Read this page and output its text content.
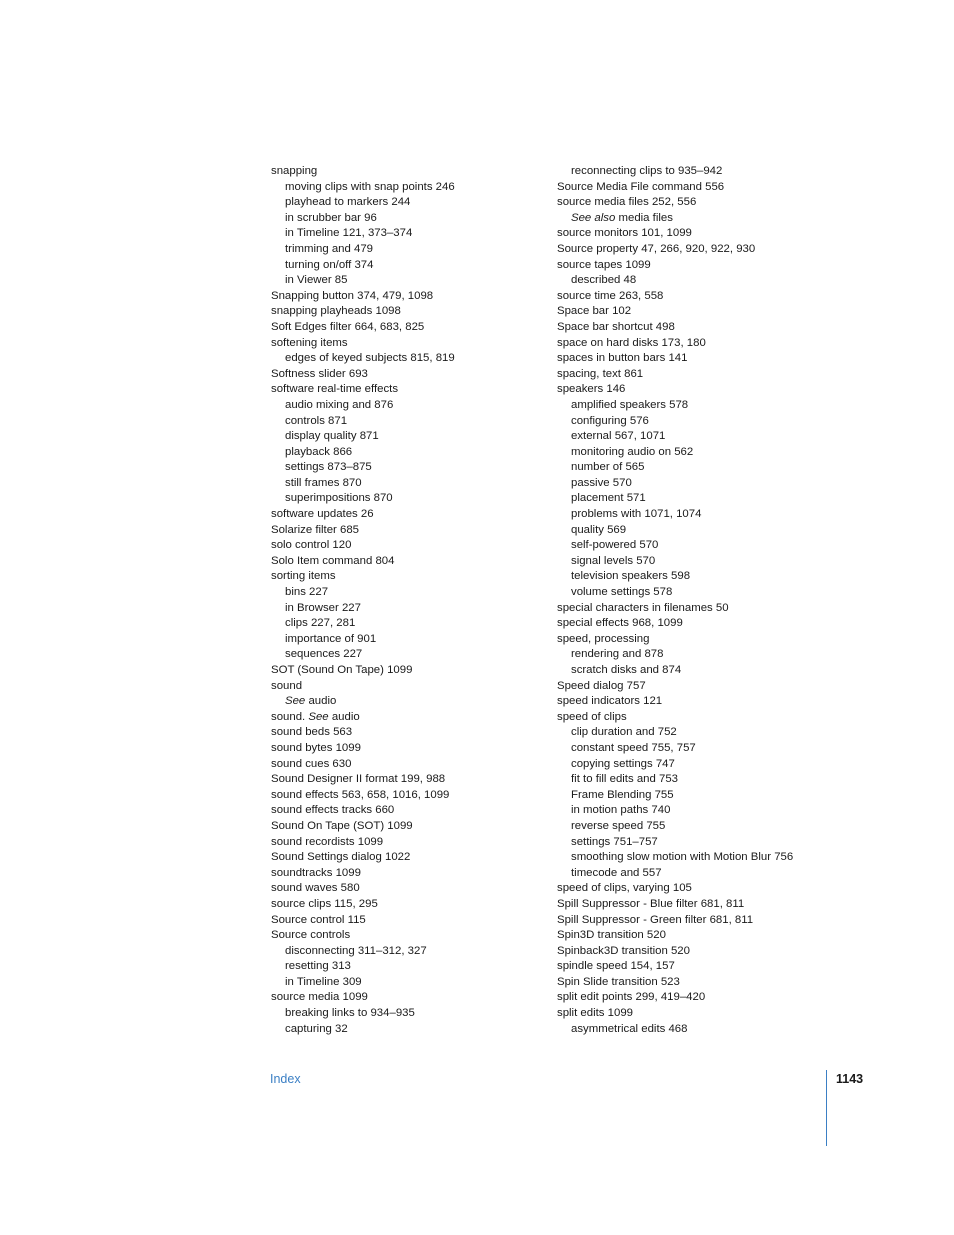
snapping
moving clips with snap points 246
playhead to markers 244
in scrubber bar 96
in Timeline 121, 373–374
trimming and 479
turning on/off 374
in Viewer 85
Snapping button 374, 479, 1098
snapping playheads 1098
Soft Edges filter 664, 683, 825
softening items
edges of keyed subjects 815, 819
Softness slider 693
software real-time effects
audio mixing and 876
controls 871
display quality 871
playback 866
settings 873–875
still frames 870
superimpositions 870
software updates 26
Solarize filter 685
solo control 120
Solo Item command 804
sorting items
bins 227
in Browser 227
clips 227, 281
importance of 901
sequences 227
SOT (Sound On Tape) 1099
sound
See audio
sound. See audio
sound beds 563
sound bytes 1099
sound cues 630
Sound Designer II format 199, 988
sound effects 563, 658, 1016, 1099
sound effects tracks 660
Sound On Tape (SOT) 1099
sound recordists 1099
Sound Settings dialog 1022
soundtracks 1099
sound waves 580
source clips 115, 295
Source control 115
Source controls
disconnecting 311–312, 327
resetting 313
in Timeline 309
source media 1099
breaking links to 934–935
capturing 32
reconnecting clips to 935–942
Source Media File command 556
source media files 252, 556
See also media files
source monitors 101, 1099
Source property 47, 266, 920, 922, 930
source tapes 1099
described 48
source time 263, 558
Space bar 102
Space bar shortcut 498
space on hard disks 173, 180
spaces in button bars 141
spacing, text 861
speakers 146
amplified speakers 578
configuring 576
external 567, 1071
monitoring audio on 562
number of 565
passive 570
placement 571
problems with 1071, 1074
quality 569
self-powered 570
signal levels 570
television speakers 598
volume settings 578
special characters in filenames 50
special effects 968, 1099
speed, processing
rendering and 878
scratch disks and 874
Speed dialog 757
speed indicators 121
speed of clips
clip duration and 752
constant speed 755, 757
copying settings 747
fit to fill edits and 753
Frame Blending 755
in motion paths 740
reverse speed 755
settings 751–757
smoothing slow motion with Motion Blur 756
timecode and 557
speed of clips, varying 105
Spill Suppressor - Blue filter 681, 811
Spill Suppressor - Green filter 681, 811
Spin3D transition 520
Spinback3D transition 520
spindle speed 154, 157
Spin Slide transition 523
split edit points 299, 419–420
split edits 1099
asymmetrical edits 468
Index	1143
